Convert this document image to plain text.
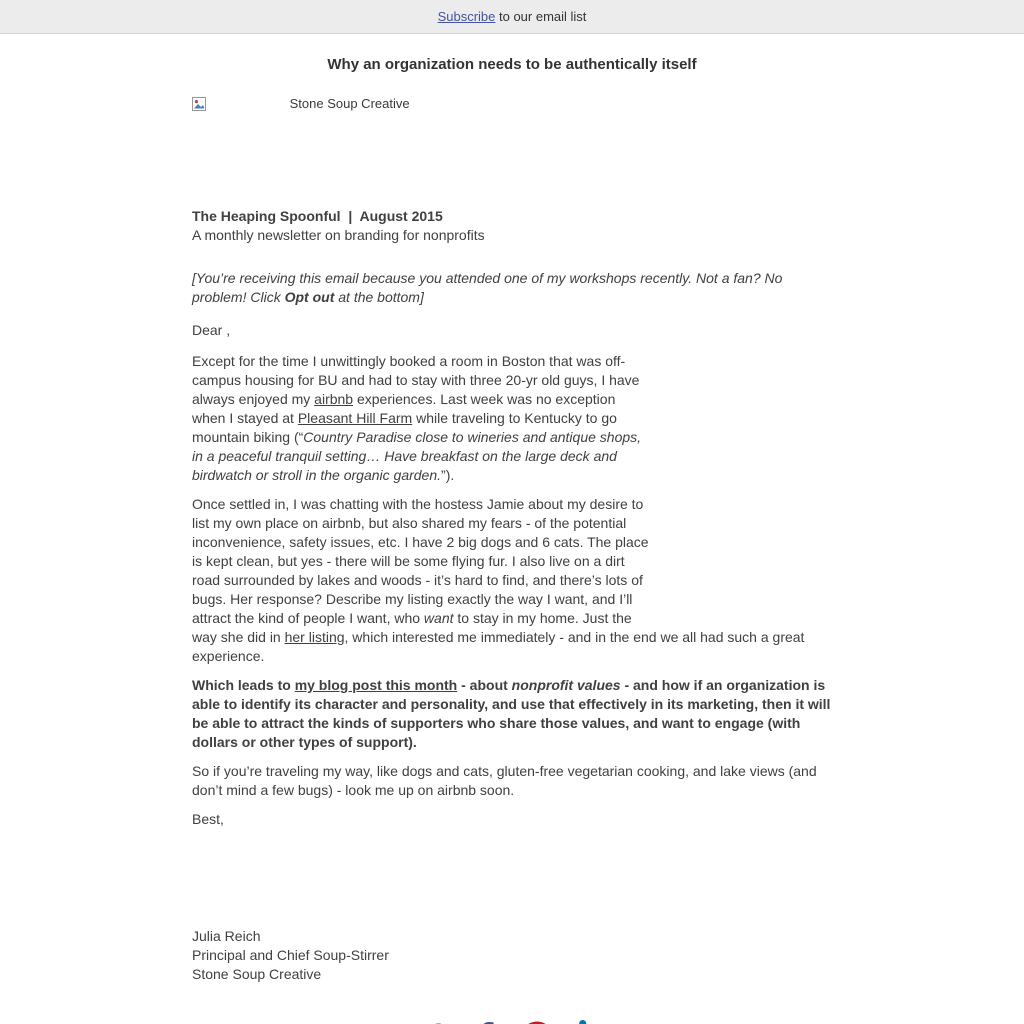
Subscribe to our email list
Why an organization needs to be authentically itself
Stone Soup Creative
The Heaping Spoonful  |  August 2015
A monthly newsletter on branding for nonprofits

[You’re receiving this email because you attended one of my workshops recently. Not a fan? No problem! Click Opt out at the bottom]

Dear ,

Except for the time I unwittingly booked a room in Boston that was off-campus housing for BU and had to stay with three 20-yr old guys, I have always enjoyed my airbnb experiences. Last week was no exception when I stayed at Pleasant Hill Farm while traveling to Kentucky to go mountain biking (“Country Paradise close to wineries and antique shops, in a peaceful tranquil setting… Have breakfast on the large deck and birdwatch or stroll in the organic garden.”).

Once settled in, I was chatting with the hostess Jamie about my desire to list my own place on airbnb, but also shared my fears - of the potential inconvenience, safety issues, etc. I have 2 big dogs and 6 cats. The place is kept clean, but yes - there will be some flying fur. I also live on a dirt road surrounded by lakes and woods - it’s hard to find, and there’s lots of bugs. Her response? Describe my listing exactly the way I want, and I’ll attract the kind of people I want, who want to stay in my home. Just the way she did in her listing, which interested me immediately - and in the end we all had such a great experience.

Which leads to my blog post this month - about nonprofit values - and how if an organization is able to identify its character and personality, and use that effectively in its marketing, then it will be able to attract the kinds of supporters who share those values, and want to engage (with dollars or other types of support).

So if you’re traveling my way, like dogs and cats, gluten-free vegetarian cooking, and lake views (and don’t mind a few bugs) - look me up on airbnb soon.

Best,

Julia Reich
Principal and Chief Soup-Stirrer
Stone Soup Creative
